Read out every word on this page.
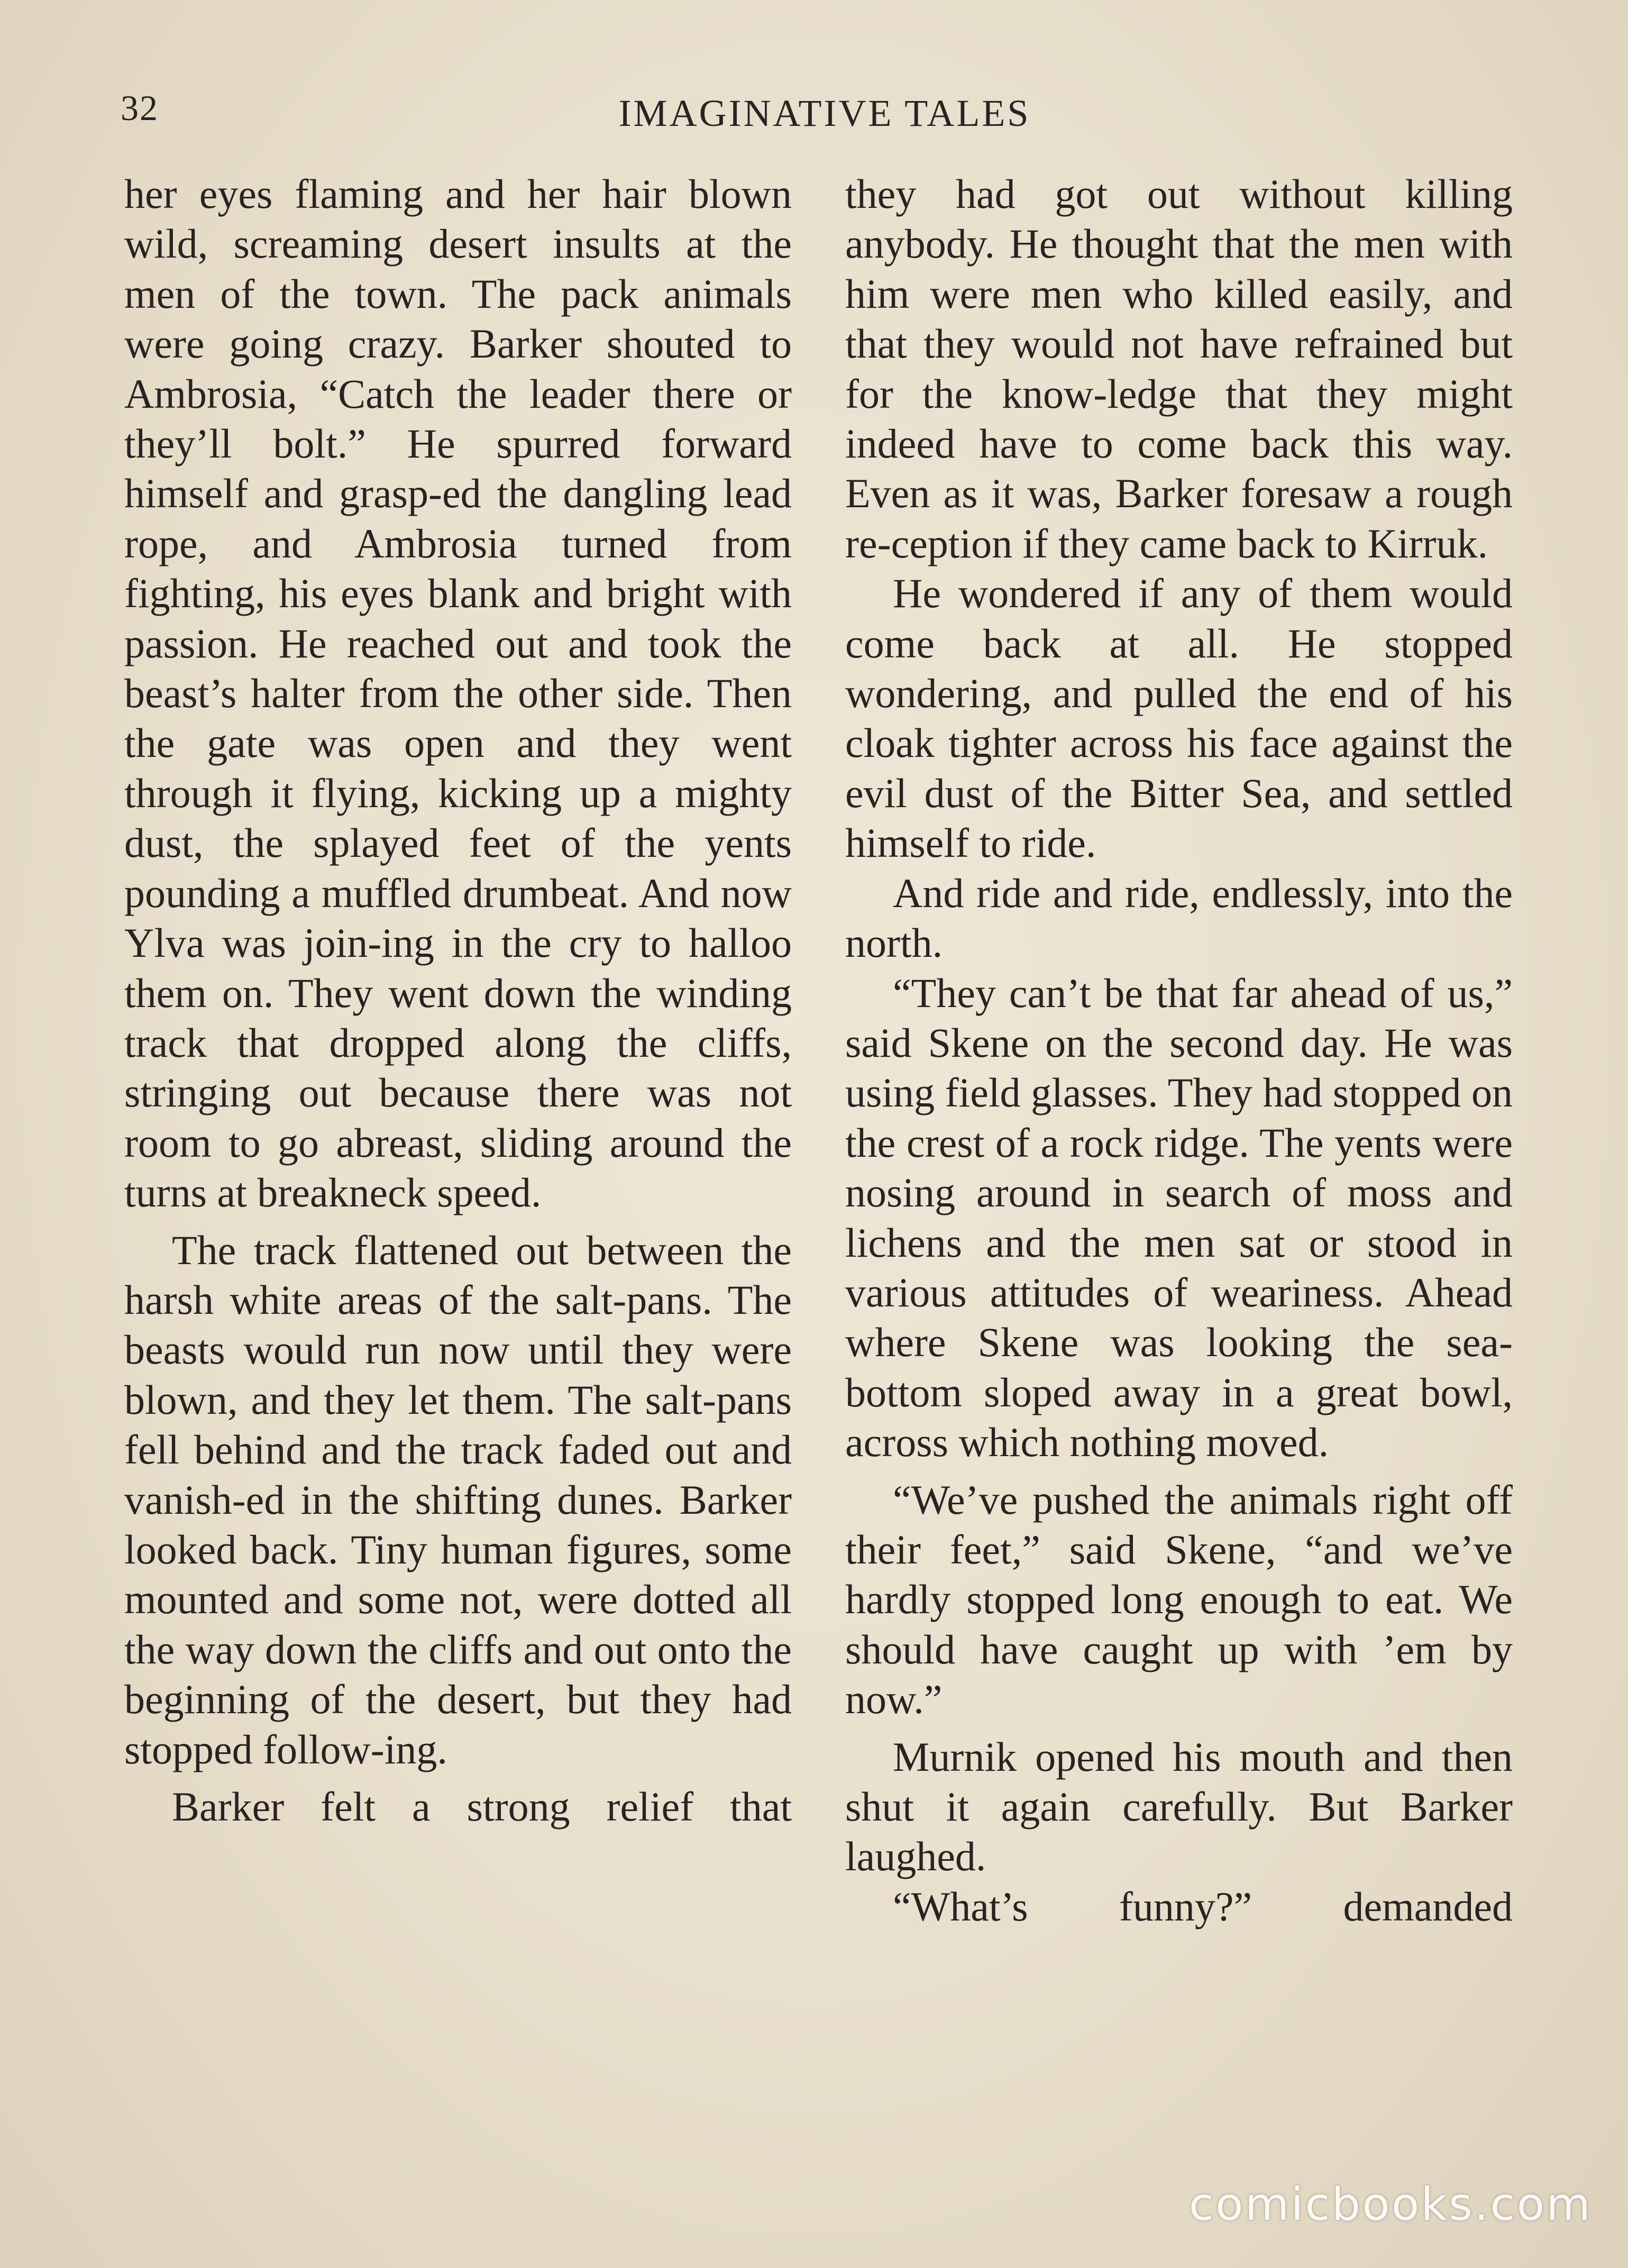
32	IMAGINATIVE TALES

her eyes flaming and her hair blown wild, screaming desert insults at the men of the town. The pack animals were going crazy. Barker shouted to Ambrosia, “Catch the leader there or they’ll bolt.” He spurred forward himself and grasp-ed the dangling lead rope, and Ambrosia turned from fighting, his eyes blank and bright with passion. He reached out and took the beast’s halter from the other side. Then the gate was open and they went through it flying, kicking up a mighty dust, the splayed feet of the yents pounding a muffled drumbeat. And now Ylva was join-ing in the cry to halloo them on. They went down the winding track that dropped along the cliffs, stringing out because there was not room to go abreast, sliding around the turns at breakneck speed.

The track flattened out between the harsh white areas of the salt-pans. The beasts would run now until they were blown, and they let them. The salt-pans fell behind and the track faded out and vanish-ed in the shifting dunes. Barker looked back. Tiny human figures, some mounted and some not, were dotted all the way down the cliffs and out onto the beginning of the desert, but they had stopped follow-ing.

Barker felt a strong relief that

they had got out without killing anybody. He thought that the men with him were men who killed easily, and that they would not have refrained but for the know-ledge that they might indeed have to come back this way. Even as it was, Barker foresaw a rough re-ception if they came back to Kirruk.

He wondered if any of them would come back at all. He stopped wondering, and pulled the end of his cloak tighter across his face against the evil dust of the Bitter Sea, and settled himself to ride.

And ride and ride, endlessly, into the north.

“They can’t be that far ahead of us,” said Skene on the second day. He was using field glasses. They had stopped on the crest of a rock ridge. The yents were nosing around in search of moss and lichens and the men sat or stood in various attitudes of weariness. Ahead where Skene was looking the sea-bottom sloped away in a great bowl, across which nothing moved.

“We’ve pushed the animals right off their feet,” said Skene, “and we’ve hardly stopped long enough to eat. We should have caught up with ’em by now.”

Murnik opened his mouth and then shut it again carefully. But Barker laughed.

“What’s funny?” demanded

comicbooks.com
